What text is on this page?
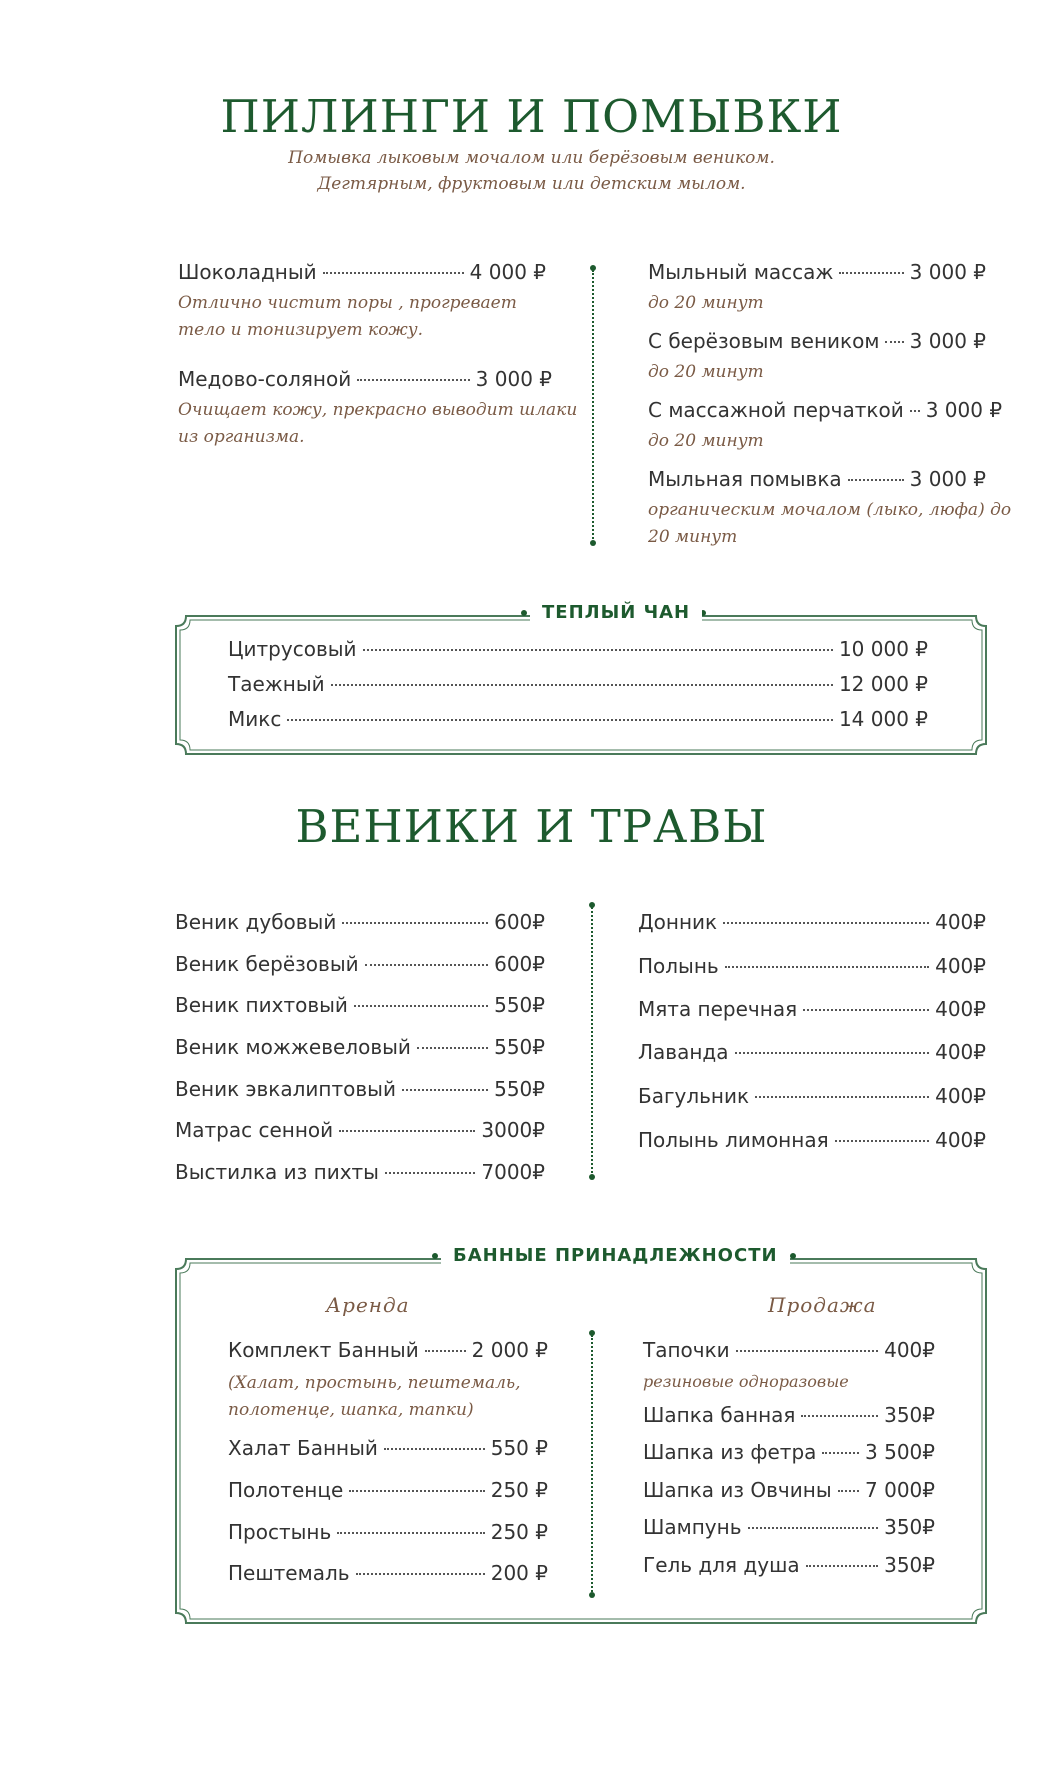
ПИЛИНГИ И ПОМЫВКИ
Помывка лыковым мочалом или берёзовым веником.
Дегтярным, фруктовым или детским мылом.
Шоколадный	4 000 ₽
Отлично чистит поры , прогревает
тело и тонизирует кожу.
Медово-соляной	3 000 ₽
Очищает кожу, прекрасно выводит шлаки
из организма.
Мыльный массаж	3 000 ₽
до 20 минут
С берёзовым веником 3 000 ₽
до 20 минут
С массажной перчаткой 3 000 ₽
до 20 минут
Мыльная помывка	3 000 ₽
органическим мочалом (лыко, люфа) до
20 минут
ТЕПЛЫЙ ЧАН
Цитрусовый	10 000 ₽
Таежный	12 000 ₽
Микс	14 000 ₽
ВЕНИКИ И ТРАВЫ
Веник дубовый	600₽
Веник берёзовый	600₽
Веник пихтовый	550₽
Веник можжевеловый	550₽
Веник эвкалиптовый	550₽
Матрас сенной	3000₽
Выстилка из пихты	7000₽
Донник	400₽
Полынь	400₽
Мята перечная	400₽
Лаванда	400₽
Багульник	400₽
Полынь лимонная	400₽
БАННЫЕ ПРИНАДЛЕЖНОСТИ
Аренда	Продажа
Комплект Банный	2 000 ₽
(Халат, простынь, пештемаль,
полотенце, шапка, тапки)
Халат Банный	550 ₽
Полотенце	250 ₽
Простынь	250 ₽
Пештемаль	200 ₽
Тапочки	400₽
резиновые одноразовые
Шапка банная	350₽
Шапка из фетра 3 500₽
Шапка из Овчины 7 000₽
Шампунь	350₽
Гель для душа	350₽
